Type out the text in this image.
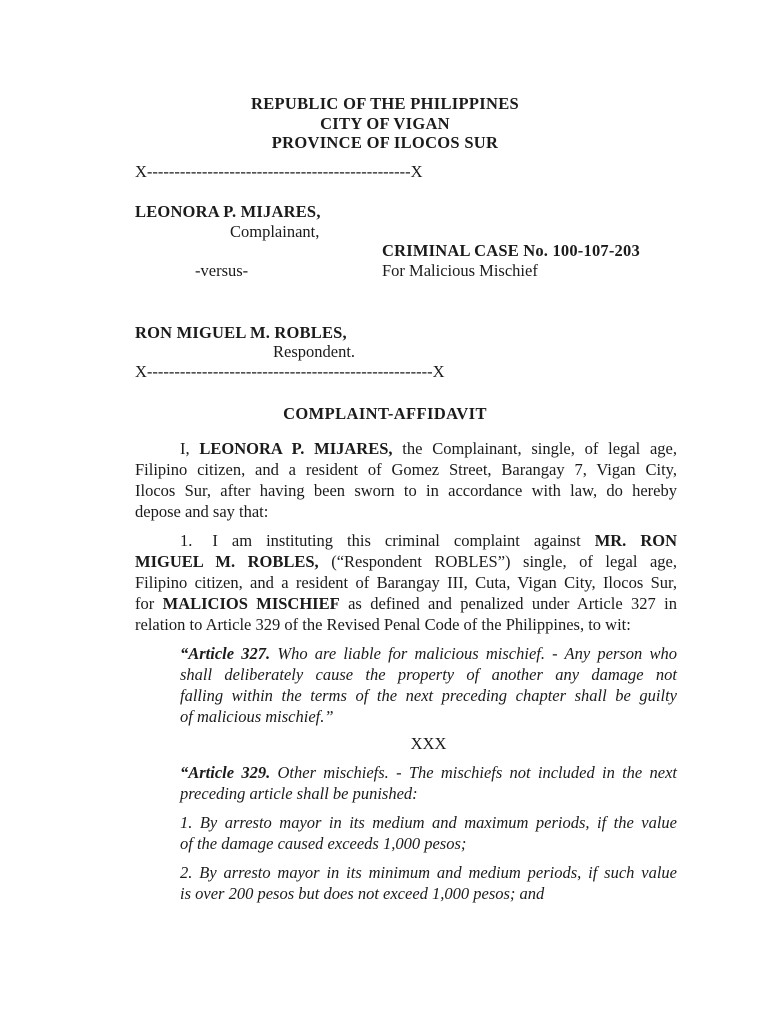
REPUBLIC OF THE PHILIPPINES
CITY OF VIGAN
PROVINCE OF ILOCOS SUR
X------------------------------------------------X
LEONORA P. MIJARES,
Complainant,
-versus-
RON MIGUEL M. ROBLES,
Respondent.
CRIMINAL CASE No. 100-107-203
For Malicious Mischief
X----------------------------------------------------X
COMPLAINT-AFFIDAVIT
I, LEONORA P. MIJARES, the Complainant, single, of legal age,
Filipino citizen, and a resident of Gomez Street, Barangay 7, Vigan City,
Ilocos Sur, after having been sworn to in accordance with law, do hereby
depose and say that:
1. I am instituting this criminal complaint against MR. RON
MIGUEL M. ROBLES, (“Respondent ROBLES”) single, of legal age,
Filipino citizen, and a resident of Barangay III, Cuta, Vigan City, Ilocos Sur,
for MALICIOS MISCHIEF as defined and penalized under Article 327 in
relation to Article 329 of the Revised Penal Code of the Philippines, to wit:
“Article 327. Who are liable for malicious mischief. - Any person who
shall deliberately cause the property of another any damage not
falling within the terms of the next preceding chapter shall be guilty
of malicious mischief.”
XXX
“Article 329. Other mischiefs. - The mischiefs not included in the next
preceding article shall be punished:
1. By arresto mayor in its medium and maximum periods, if the value
of the damage caused exceeds 1,000 pesos;
2. By arresto mayor in its minimum and medium periods, if such value
is over 200 pesos but does not exceed 1,000 pesos; and
